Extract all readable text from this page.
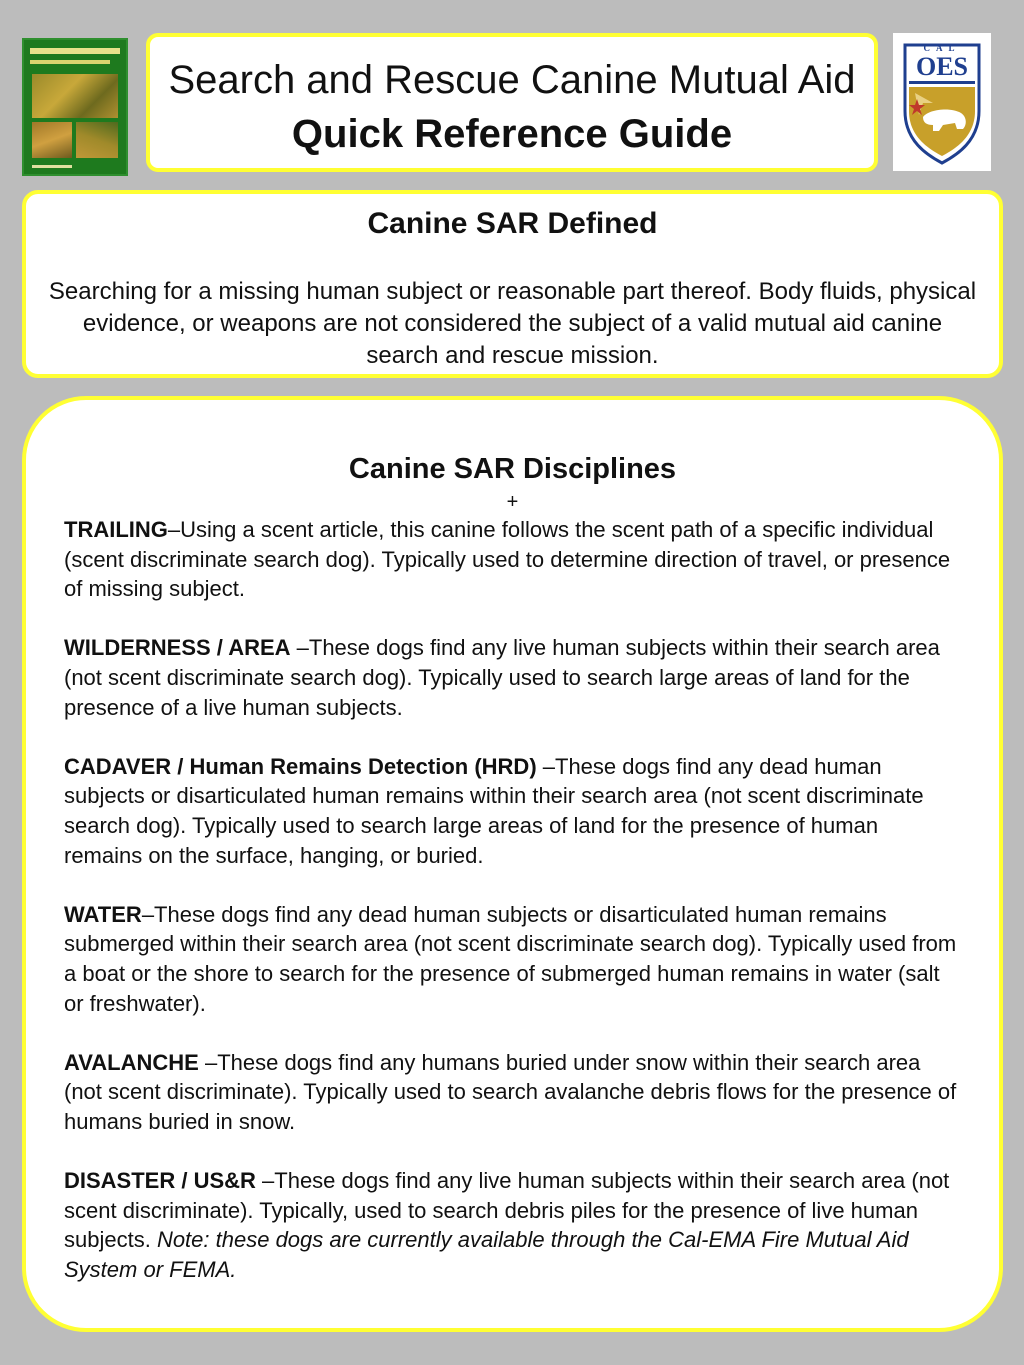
Search and Rescue Canine Mutual Aid
Quick Reference Guide
CAL
OES
Canine SAR Defined
Searching for a missing human subject or reasonable part thereof. Body fluids, physical evidence, or weapons are not considered the subject of a valid mutual aid canine search and rescue mission.
Canine SAR Disciplines
+

TRAILING–Using a scent article, this canine follows the scent path of a specific individual (scent discriminate search dog). Typically used to determine direction of travel, or presence of missing subject.

WILDERNESS / AREA –These dogs find any live human subjects within their search area (not scent discriminate search dog). Typically used to search large areas of land for the presence of a live human subjects.

CADAVER / Human Remains Detection (HRD) –These dogs find any dead human subjects or disarticulated human remains within their search area (not scent discriminate search dog). Typically used to search large areas of land for the presence of human remains on the surface, hanging, or buried.

WATER–These dogs find any dead human subjects or disarticulated human remains submerged within their search area (not scent discriminate search dog). Typically used from a boat or the shore to search for the presence of submerged human remains in water (salt or freshwater).

AVALANCHE –These dogs find any humans buried under snow within their search area (not scent discriminate). Typically used to search avalanche debris flows for the presence of humans buried in snow.

DISASTER / US&R –These dogs find any live human subjects within their search area (not scent discriminate). Typically, used to search debris piles for the presence of live human subjects. Note: these dogs are currently available through the Cal-EMA Fire Mutual Aid System or FEMA.
